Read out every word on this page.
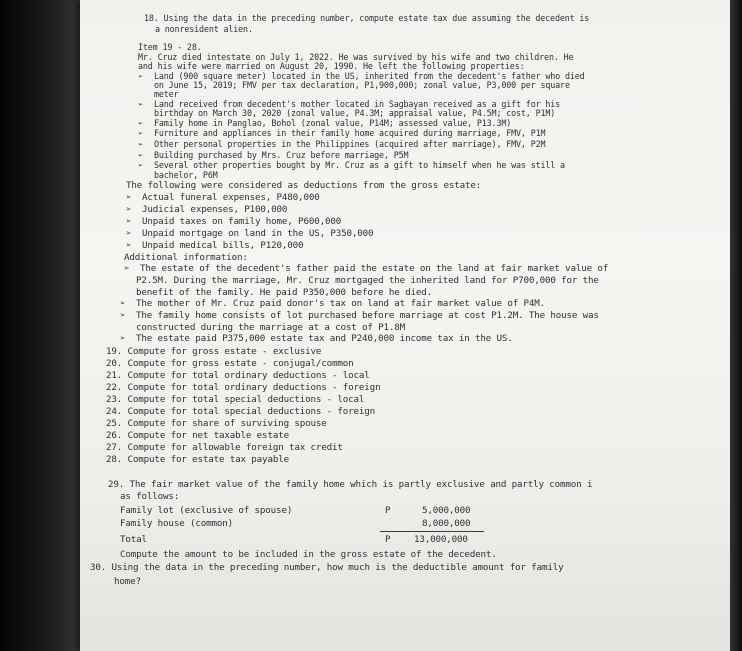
18. Using the data in the preceding number, compute estate tax due assuming the decedent is
a nonresident alien.
Item 19 - 28.
Mr. Cruz died intestate on July 1, 2022. He was survived by his wife and two children. He
and his wife were married on August 20, 1990. He left the following properties:
➢ Land (900 square meter) located in the US, inherited from the decedent's father who died
on June 15, 2019; FMV per tax declaration, P1,900,000; zonal value, P3,000 per square
meter
➢ Land received from decedent's mother located in Sagbayan received as a gift for his
birthday on March 30, 2020 (zonal value, P4.3M; appraisal value, P4.5M; cost, P1M)
➢ Family home in Panglao, Bohol (zonal value, P14M; assessed value, P13.3M)
➢ Furniture and appliances in their family home acquired during marriage, FMV, P1M
➢ Other personal properties in the Philippines (acquired after marriage), FMV, P2M
➢ Building purchased by Mrs. Cruz before marriage, P5M
➢ Several other properties bought by Mr. Cruz as a gift to himself when he was still a
bachelor, P6M
The following were considered as deductions from the gross estate:
➢ Actual funeral expenses, P480,000
➢ Judicial expenses, P100,000
➢ Unpaid taxes on family home, P600,000
➢ Unpaid mortgage on land in the US, P350,000
➢ Unpaid medical bills, P120,000
Additional information:
➢ The estate of the decedent's father paid the estate on the land at fair market value of
P2.5M. During the marriage, Mr. Cruz mortgaged the inherited land for P700,000 for the
benefit of the family. He paid P350,000 before he died.
➢ The mother of Mr. Cruz paid donor's tax on land at fair market value of P4M.
➢ The family home consists of lot purchased before marriage at cost P1.2M. The house was
constructed during the marriage at a cost of P1.8M
➢ The estate paid P375,000 estate tax and P240,000 income tax in the US.
19. Compute for gross estate - exclusive
20. Compute for gross estate - conjugal/common
21. Compute for total ordinary deductions - local
22. Compute for total ordinary deductions - foreign
23. Compute for total special deductions - local
24. Compute for total special deductions - foreign
25. Compute for share of surviving spouse
26. Compute for net taxable estate
27. Compute for allowable foreign tax credit
28. Compute for estate tax payable
29. The fair market value of the family home which is partly exclusive and partly common i
as follows:
Family lot (exclusive of spouse)	P	5,000,000
Family house (common)	8,000,000
Total	P	13,000,000
Compute the amount to be included in the gross estate of the decedent.
30. Using the data in the preceding number, how much is the deductible amount for family
home?
